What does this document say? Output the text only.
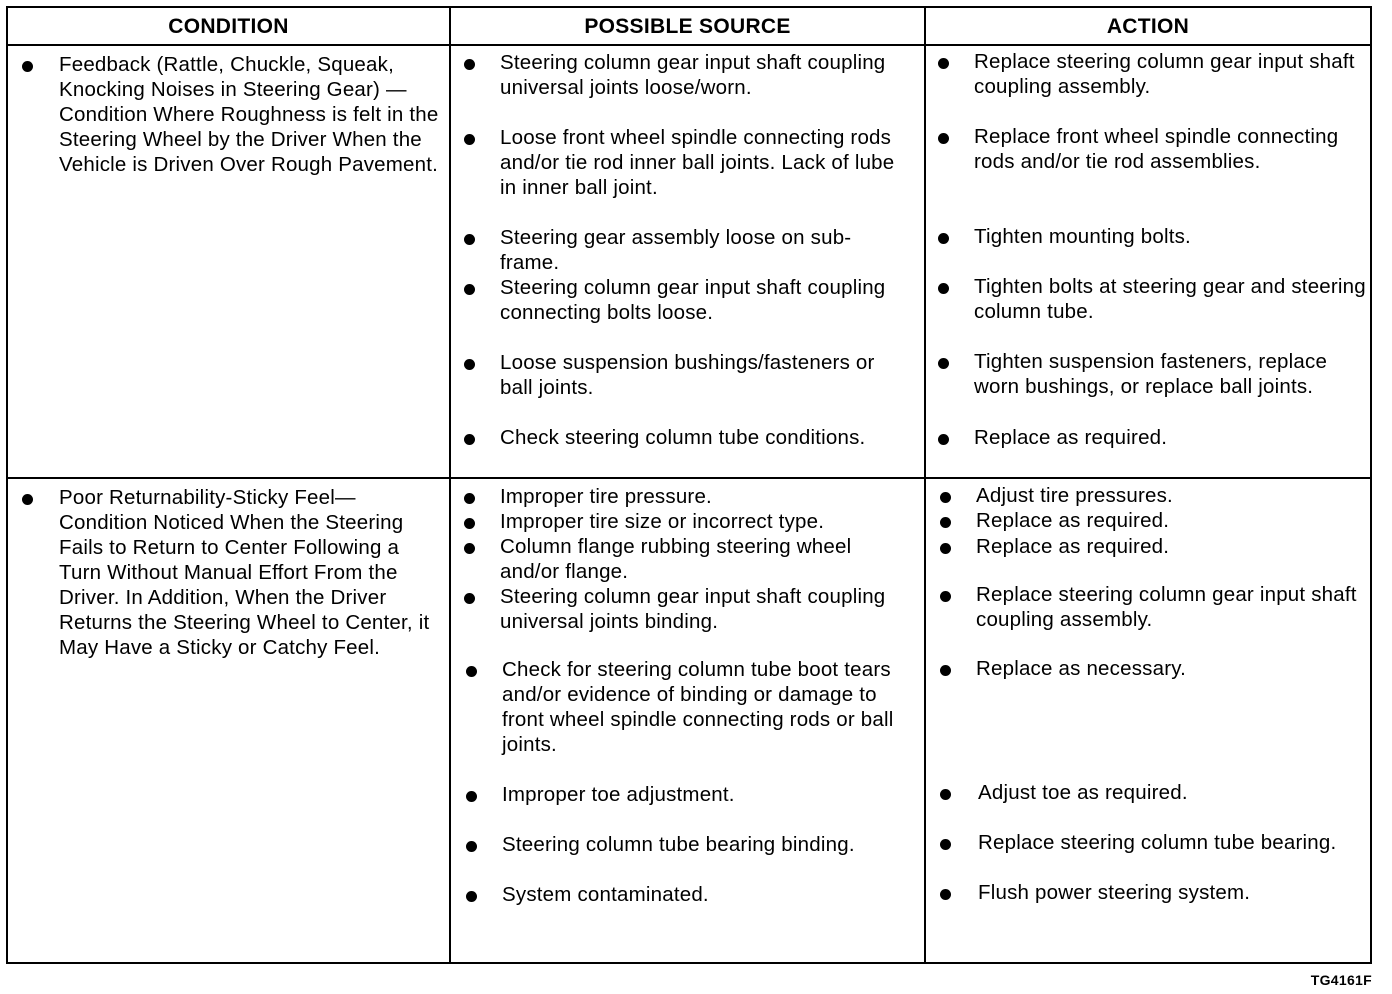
CONDITION	POSSIBLE SOURCE	ACTION
Feedback (Rattle, Chuckle, Squeak, Knocking Noises in Steering Gear) — Condition Where Roughness is felt in the Steering Wheel by the Driver When the Vehicle is Driven Over Rough Pavement.
Steering column gear input shaft coupling universal joints loose/worn.
Loose front wheel spindle connecting rods and/or tie rod inner ball joints. Lack of lube in inner ball joint.
Steering gear assembly loose on sub-frame.
Steering column gear input shaft coupling connecting bolts loose.
Loose suspension bushings/fasteners or ball joints.
Check steering column tube conditions.
Replace steering column gear input shaft coupling assembly.
Replace front wheel spindle connecting rods and/or tie rod assemblies.
Tighten mounting bolts.
Tighten bolts at steering gear and steering column tube.
Tighten suspension fasteners, replace worn bushings, or replace ball joints.
Replace as required.
Poor Returnability-Sticky Feel—Condition Noticed When the Steering Fails to Return to Center Following a Turn Without Manual Effort From the Driver. In Addition, When the Driver Returns the Steering Wheel to Center, it May Have a Sticky or Catchy Feel.
Improper tire pressure.
Improper tire size or incorrect type.
Column flange rubbing steering wheel and/or flange.
Steering column gear input shaft coupling universal joints binding.
Check for steering column tube boot tears and/or evidence of binding or damage to front wheel spindle connecting rods or ball joints.
Improper toe adjustment.
Steering column tube bearing binding.
System contaminated.
Adjust tire pressures.
Replace as required.
Replace as required.
Replace steering column gear input shaft coupling assembly.
Replace as necessary.
Adjust toe as required.
Replace steering column tube bearing.
Flush power steering system.
TG4161F
